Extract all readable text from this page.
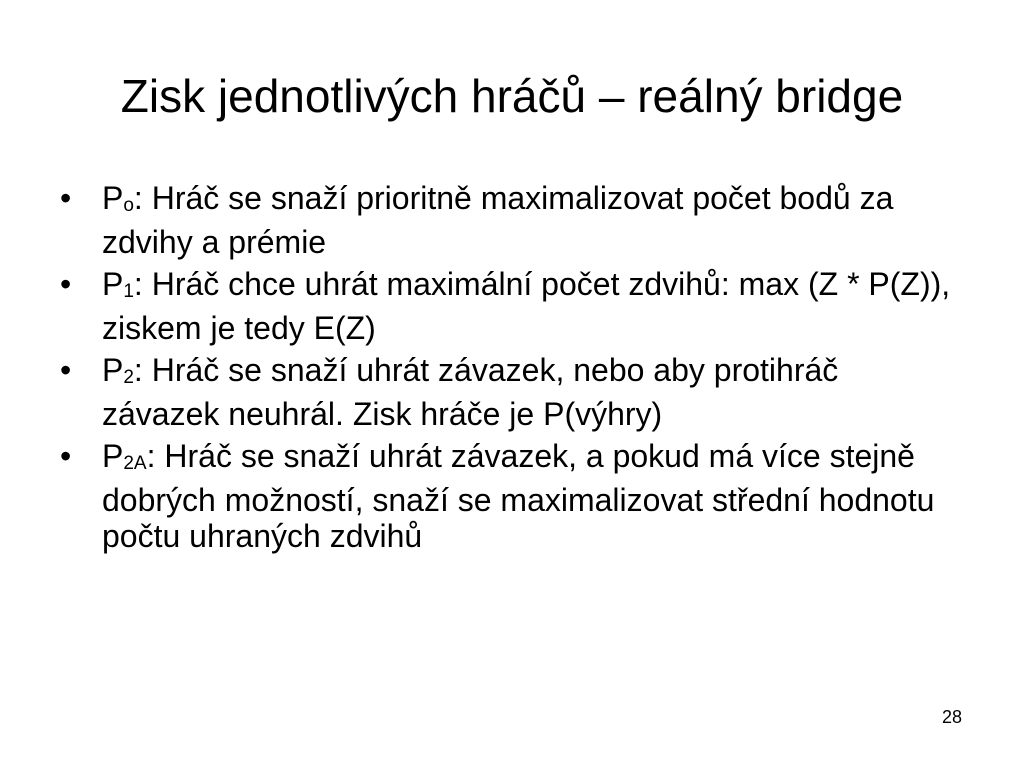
Zisk jednotlivých hráčů – reálný bridge
• Po: Hráč se snaží prioritně maximalizovat počet bodů za zdvihy a prémie
• P1: Hráč chce uhrát maximální počet zdvihů: max (Z * P(Z)), ziskem je tedy E(Z)
• P2: Hráč se snaží uhrát závazek, nebo aby protihráč závazek neuhrál. Zisk hráče je P(výhry)
• P2A: Hráč se snaží uhrát závazek, a pokud má více stejně dobrých možností, snaží se maximalizovat střední hodnotu počtu uhraných zdvihů
28
